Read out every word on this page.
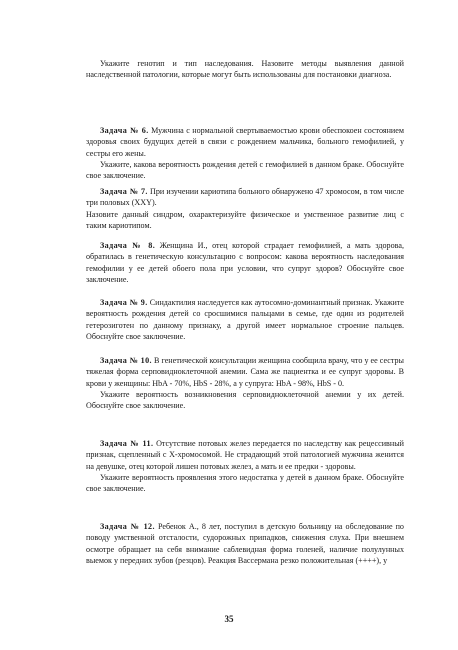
Укажите генотип и тип наследования. Назовите методы выявления данной наследственной патологии, которые могут быть использованы для постановки диагноза.

Задача № 6. Мужчина с нормальной свертываемостью крови обеспокоен состоянием здоровья своих будущих детей в связи с рождением мальчика, больного гемофилией, у сестры его жены.

Укажите, какова вероятность рождения детей с гемофилией в данном браке. Обоснуйте свое заключение.

Задача № 7. При изучении кариотипа больного обнаружено 47 хромосом, в том числе три половых (XXY).

Назовите данный синдром, охарактеризуйте физическое и умственное развитие лиц с таким кариотипом.

Задача № 8. Женщина И., отец которой страдает гемофилией, а мать здорова, обратилась в генетическую консультацию с вопросом: какова вероятность наследования гемофилии у ее детей обоего пола при условии, что супруг здоров? Обоснуйте свое заключение.

Задача № 9. Синдактилия наследуется как аутосомно-доминантный признак. Укажите вероятность рождения детей со сросшимися пальцами в семье, где один из родителей гетерозиготен по данному признаку, а другой имеет нормальное строение пальцев. Обоснуйте свое заключение.

Задача № 10. В генетической консультации женщина сообщила врачу, что у ее сестры тяжелая форма серповидноклеточной анемии. Сама же пациентка и ее супруг здоровы. В крови у женщины: HbA - 70%, HbS - 28%, а у супруга: HbA - 98%, HbS - 0.

Укажите вероятность возникновения серповидноклеточной анемии у их детей. Обоснуйте свое заключение.

Задача № 11. Отсутствие потовых желез передается по наследству как рецессивный признак, сцепленный с Х-хромосомой. Не страдающий этой патологией мужчина женится на девушке, отец которой лишен потовых желез, а мать и ее предки - здоровы.

Укажите вероятность проявления этого недостатка у детей в данном браке. Обоснуйте свое заключение.

Задача № 12. Ребенок А., 8 лет, поступил в детскую больницу на обследование по поводу умственной отсталости, судорожных припадков, снижения слуха. При внешнем осмотре обращает на себя внимание саблевидная форма голеней, наличие полулунных выемок у передних зубов (резцов). Реакция Вассермана резко положительная (++++), у

35
